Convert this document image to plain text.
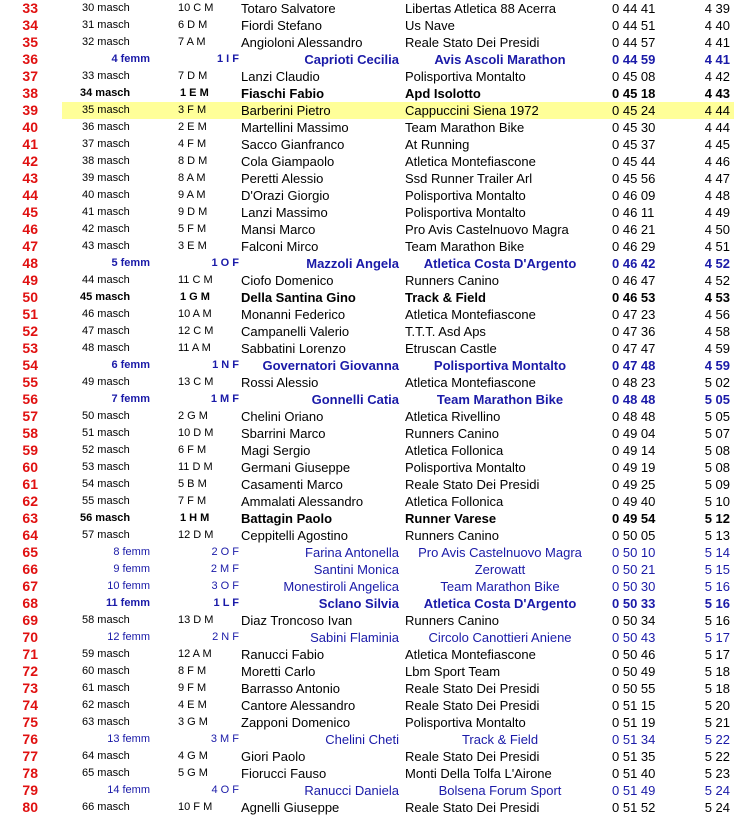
33	30 masch	10 C M	Totaro Salvatore	Libertas Atletica 88 Acerra	0 44 41	4 39
34	31 masch	6 D M	Fiordi Stefano	Us Nave	0 44 51	4 40
35	32 masch	7 A M	Angioloni Alessandro	Reale Stato Dei Presidi	0 44 57	4 41
36	4 femm	1 I F	Caprioti Cecilia	Avis Ascoli Marathon	0 44 59	4 41
37	33 masch	7 D M	Lanzi Claudio	Polisportiva Montalto	0 45 08	4 42
38	34 masch	1 E M	Fiaschi Fabio	Apd Isolotto	0 45 18	4 43
39	35 masch	3 F M	Barberini Pietro	Cappuccini Siena 1972	0 45 24	4 44
40	36 masch	2 E M	Martellini Massimo	Team Marathon Bike	0 45 30	4 44
41	37 masch	4 F M	Sacco Gianfranco	At Running	0 45 37	4 45
42	38 masch	8 D M	Cola Giampaolo	Atletica Montefiascone	0 45 44	4 46
43	39 masch	8 A M	Peretti Alessio	Ssd Runner Trailer Arl	0 45 56	4 47
44	40 masch	9 A M	D'Orazi Giorgio	Polisportiva Montalto	0 46 09	4 48
45	41 masch	9 D M	Lanzi Massimo	Polisportiva Montalto	0 46 11	4 49
46	42 masch	5 F M	Mansi Marco	Pro Avis Castelnuovo Magra	0 46 21	4 50
47	43 masch	3 E M	Falconi Mirco	Team Marathon Bike	0 46 29	4 51
48	5 femm	1 O F	Mazzoli Angela	Atletica Costa D'Argento	0 46 42	4 52
49	44 masch	11 C M	Ciofo Domenico	Runners Canino	0 46 47	4 52
50	45 masch	1 G M	Della Santina Gino	Track & Field	0 46 53	4 53
51	46 masch	10 A M	Monanni Federico	Atletica Montefiascone	0 47 23	4 56
52	47 masch	12 C M	Campanelli Valerio	T.T.T. Asd Aps	0 47 36	4 58
53	48 masch	11 A M	Sabbatini Lorenzo	Etruscan Castle	0 47 47	4 59
54	6 femm	1 N F	Governatori Giovanna	Polisportiva Montalto	0 47 48	4 59
55	49 masch	13 C M	Rossi Alessio	Atletica Montefiascone	0 48 23	5 02
56	7 femm	1 M F	Gonnelli Catia	Team Marathon Bike	0 48 48	5 05
57	50 masch	2 G M	Chelini Oriano	Atletica Rivellino	0 48 48	5 05
58	51 masch	10 D M	Sbarrini Marco	Runners Canino	0 49 04	5 07
59	52 masch	6 F M	Magi Sergio	Atletica Follonica	0 49 14	5 08
60	53 masch	11 D M	Germani Giuseppe	Polisportiva Montalto	0 49 19	5 08
61	54 masch	5 B M	Casamenti Marco	Reale Stato Dei Presidi	0 49 25	5 09
62	55 masch	7 F M	Ammalati Alessandro	Atletica Follonica	0 49 40	5 10
63	56 masch	1 H M	Battagin Paolo	Runner Varese	0 49 54	5 12
64	57 masch	12 D M	Ceppitelli Agostino	Runners Canino	0 50 05	5 13
65	8 femm	2 O F	Farina Antonella	Pro Avis Castelnuovo Magra	0 50 10	5 14
66	9 femm	2 M F	Santini Monica	Zerowatt	0 50 21	5 15
67	10 femm	3 O F	Monestiroli Angelica	Team Marathon Bike	0 50 30	5 16
68	11 femm	1 L F	Sclano Silvia	Atletica Costa D'Argento	0 50 33	5 16
69	58 masch	13 D M	Diaz Troncoso Ivan	Runners Canino	0 50 34	5 16
70	12 femm	2 N F	Sabini Flaminia	Circolo Canottieri Aniene	0 50 43	5 17
71	59 masch	12 A M	Ranucci Fabio	Atletica Montefiascone	0 50 46	5 17
72	60 masch	8 F M	Moretti Carlo	Lbm Sport Team	0 50 49	5 18
73	61 masch	9 F M	Barrasso Antonio	Reale Stato Dei Presidi	0 50 55	5 18
74	62 masch	4 E M	Cantore Alessandro	Reale Stato Dei Presidi	0 51 15	5 20
75	63 masch	3 G M	Zapponi Domenico	Polisportiva Montalto	0 51 19	5 21
76	13 femm	3 M F	Chelini Cheti	Track & Field	0 51 34	5 22
77	64 masch	4 G M	Giori Paolo	Reale Stato Dei Presidi	0 51 35	5 22
78	65 masch	5 G M	Fiorucci Fauso	Monti Della Tolfa L'Airone	0 51 40	5 23
79	14 femm	4 O F	Ranucci Daniela	Bolsena Forum Sport	0 51 49	5 24
80	66 masch	10 F M	Agnelli Giuseppe	Reale Stato Dei Presidi	0 51 52	5 24
